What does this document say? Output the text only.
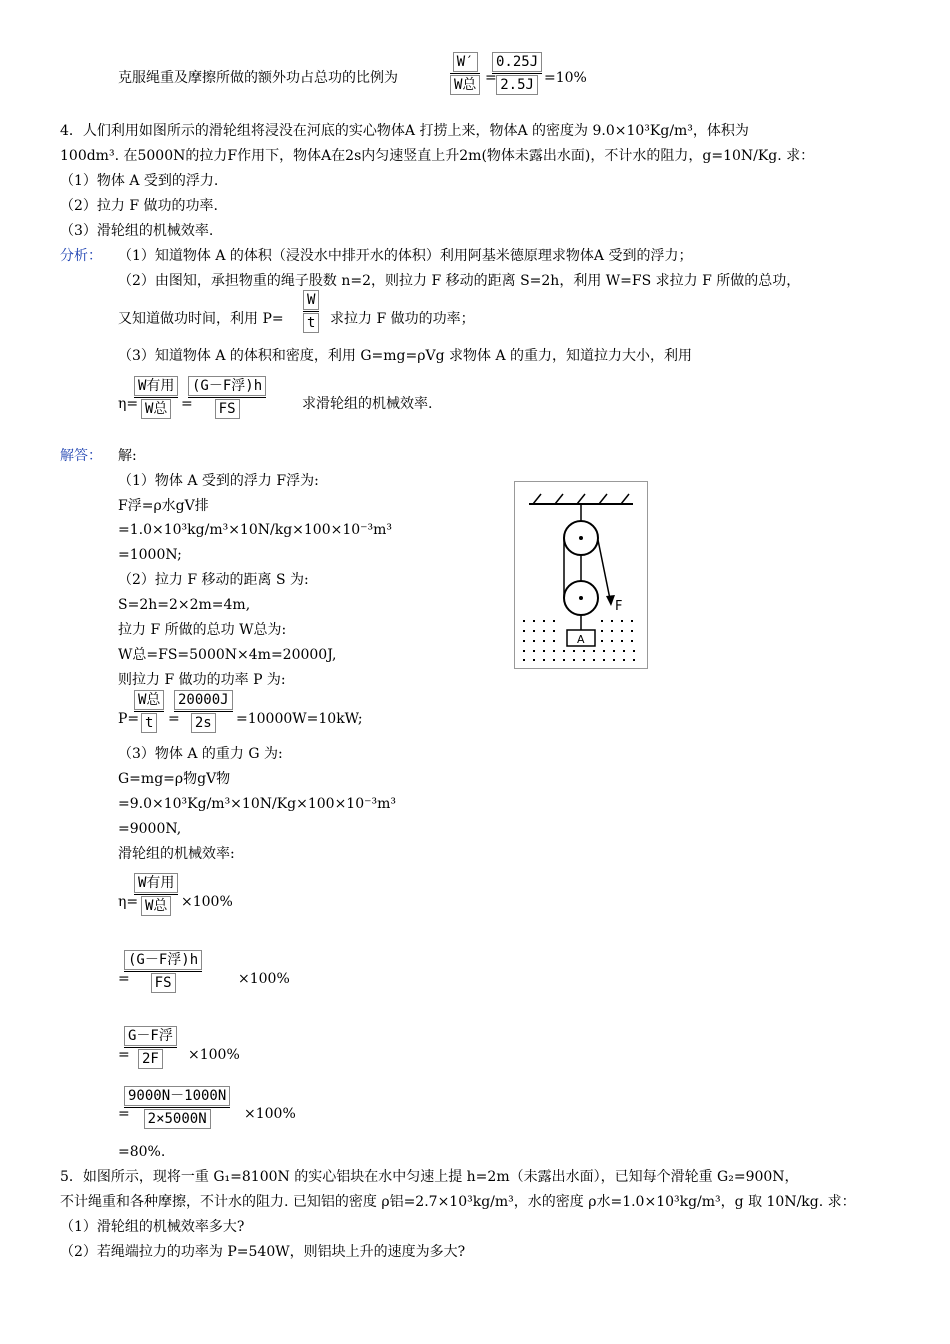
克服绳重及摩擦所做的额外功占总功的比例为
W′
W总 =
$\frac{0.25J}{2.5J} =10\%$
4．人们利用如图所示的滑轮组将浸没在河底的实心物体A 打捞上来，物体A 的密度为 9.0×10³Kg/m³，体积为
100dm³. 在5000N的拉力F作用下，物体A在2s内匀速竖直上升2m(物体未露出水面)，不计水的阻力，g=10N/Kg. 求：
（1）物体 A 受到的浮力.
（2）拉力 F 做功的功率.
（3）滑轮组的机械效率.
分析： （1）知道物体 A 的体积（浸没水中排开水的体积）利用阿基米德原理求物体A 受到的浮力；
（2）由图知，承担物重的绳子股数 n=2，则拉力 F 移动的距离 S=2h，利用 W=FS 求拉力 F 所做的总功，
又知道做功时间，利用 $P= \frac{W}{t}$ 求拉力 F 做功的功率；
（3）知道物体 A 的体积和密度，利用 G=mg=ρVg 求物体 A 的重力，知道拉力大小，利用
η=
W有用
W总 =
(G－F浮)h
FS	求滑轮组的机械效率.
解答： 解:
（1）物体 A 受到的浮力 F浮为:
F浮=ρ水gV排
=1.0×10³kg/m³×10N/kg×100×10⁻³m³
=1000N;
（2）拉力 F 移动的距离 S 为:
S=2h=2×2m=4m,
拉力 F 所做的总功 W总为:
W总=FS=5000N×4m=20000J,
则拉力 F 做功的功率 P 为:
P=
W总
t =
$\frac{20000J}{2s} =10000W=10kW$;
（3）物体 A 的重力 G 为:
G=mg=ρ物gV物
=9.0×10³Kg/m³×10N/Kg×100×10⁻³m³
=9000N,
滑轮组的机械效率:
η=
W有用
W总 ×100%
=
(G－F浮)h
FS	×100%
=
G－F浮
2F ×100%
=
$\frac{9000N-1000N}{2\times 5000N} \times 100\%$
=80%.
F
A
5．如图所示，现将一重 G₁=8100N 的实心铝块在水中匀速上提 h=2m（未露出水面），已知每个滑轮重 G₂=900N，
不计绳重和各种摩擦，不计水的阻力. 已知铝的密度 ρ铝=2.7×10³kg/m³，水的密度 ρ水=1.0×10³kg/m³，g 取 10N/kg. 求：
（1）滑轮组的机械效率多大?
（2）若绳端拉力的功率为 P=540W，则铝块上升的速度为多大?
